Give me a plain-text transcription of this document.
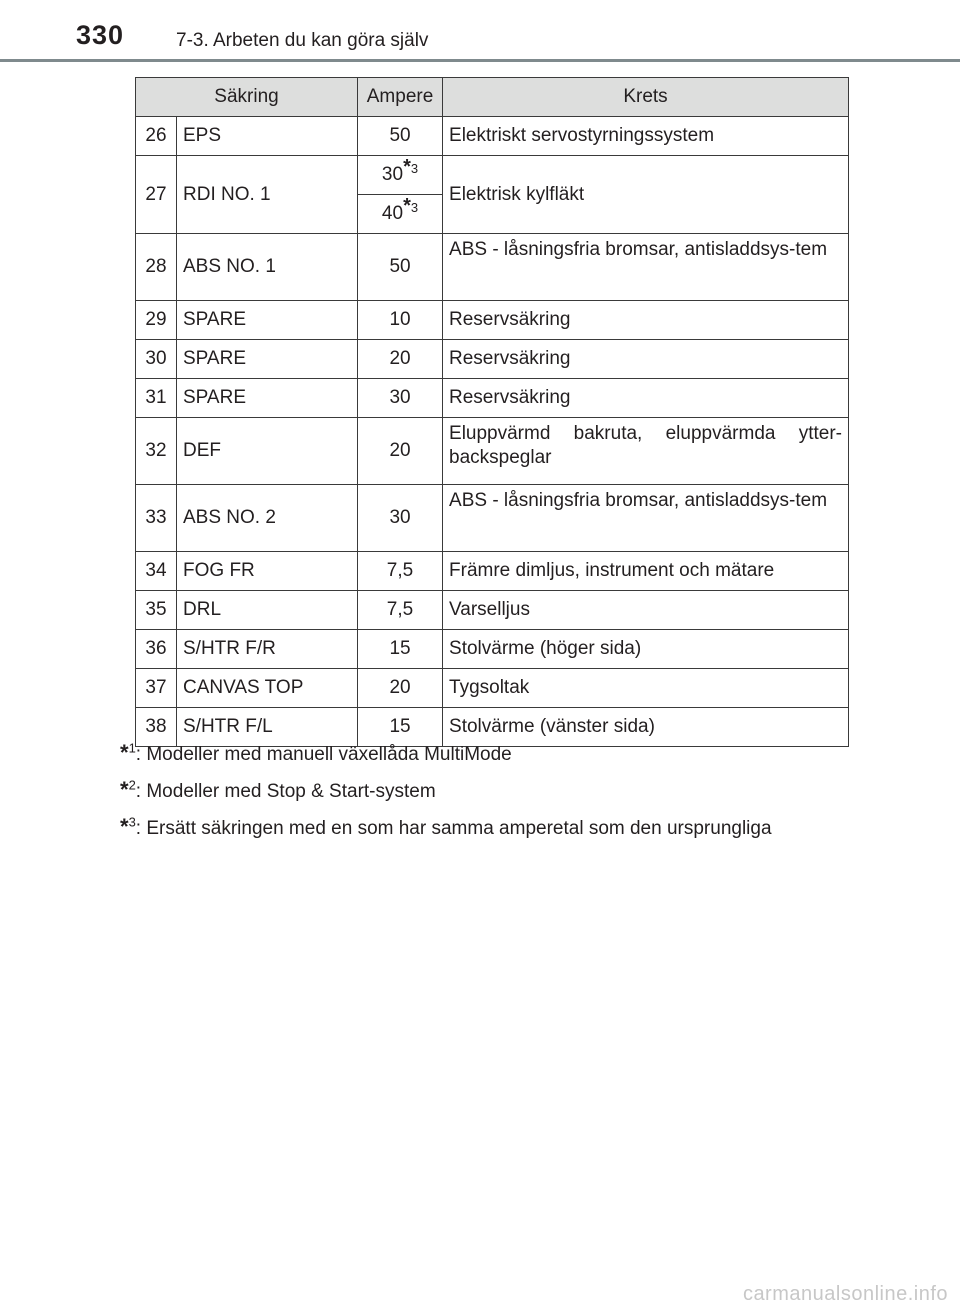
330	7-3. Arbeten du kan göra själv
Säkring		Ampere	Krets
26	EPS	50	Elektriskt servostyrningssystem
27	RDI NO. 1	30$^{*3}$	Elektrisk kylfläkt
		40$^{*3}$
28	ABS NO. 1	50	ABS - låsningsfria bromsar, antisladdsys-tem
29	SPARE	10	Reservsäkring
30	SPARE	20	Reservsäkring
31	SPARE	30	Reservsäkring
32	DEF	20	Eluppvärmd bakruta, eluppvärmda ytter-backspeglar
33	ABS NO. 2	30	ABS - låsningsfria bromsar, antisladdsys-tem
34	FOG FR	7,5	Främre dimljus, instrument och mätare
35	DRL	7,5	Varselljus
36	S/HTR F/R	15	Stolvärme (höger sida)
37	CANVAS TOP	20	Tygsoltak
38	S/HTR F/L	15	Stolvärme (vänster sida)
*$^1$: Modeller med manuell växellåda MultiMode
*$^2$: Modeller med Stop & Start-system
*$^3$: Ersätt säkringen med en som har samma amperetal som den ursprungliga
carmanualsonline.info
